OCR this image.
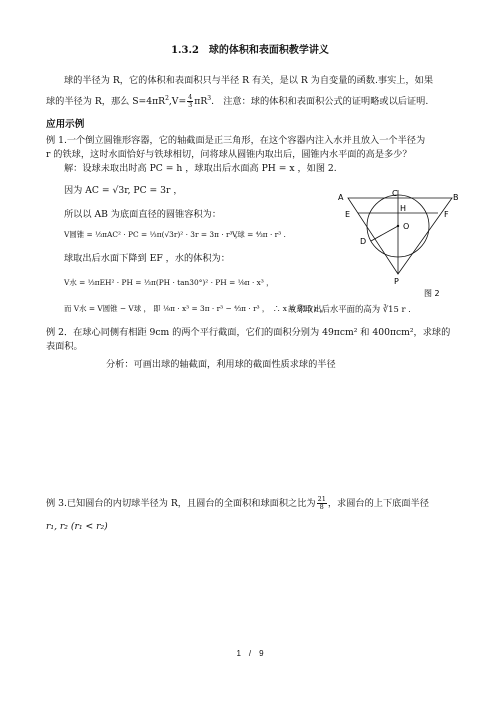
1.3.2　球的体积和表面积教学讲义
球的半径为 R，它的体积和表面积只与半径 R 有关，是以 R 为自变量的函数.事实上，如果
球的半径为 R，那么 $S=4\pi R^2,V= \frac{4}{3} \pi R^3$.　注意：球的体积和表面积公式的证明略或以后证明.
应用示例
例 1.一个倒立圆锥形容器，它的轴截面是正三角形，在这个容器内注入水并且放入一个半径为
r 的铁球，这时水面恰好与铁球相切，问将球从圆锥内取出后，圆锥内水平面的高是多少？
解：设球未取出时高 PC = h ，球取出后水面高 PH = x ，如图 2.
因为 AC = √3r, PC = 3r ，
所以以 AB 为底面直径的圆锥容积为：
V圆锥 = ⅓πAC² · PC = ⅓π(√3r)² · 3r = 3π · r³ ，
V球 = ⁴⁄₃π · r³ .
球取出后水面下降到 EF ，水的体积为：
V水 = ⅓πEH² · PH = ⅓π(PH · tan30°)² · PH = ⅑π · x³ ，
而 V水 = V圆锥 − V球 ， 即 ⅑π · x³ = 3π · r³ − ⁴⁄₃π · r³ ，　∴ x = ∛15 r ，
故球取出后水平面的高为 ∛15 r .
例 2．在球心同侧有相距 9cm 的两个平行截面，它们的面积分别为 49πcm² 和 400πcm²，求球的
表面积。
分析：可画出球的轴截面，利用球的截面性质求球的半径
例 3.已知圆台的内切球半径为 R，且圆台的全面积和球面积之比为 $\frac{21}{8}$ ，求圆台的上下底面半径
r₁, r₂ (r₁ < r₂)
A	B
C
E	F
H
O
D
P
图 2
1　/　9
